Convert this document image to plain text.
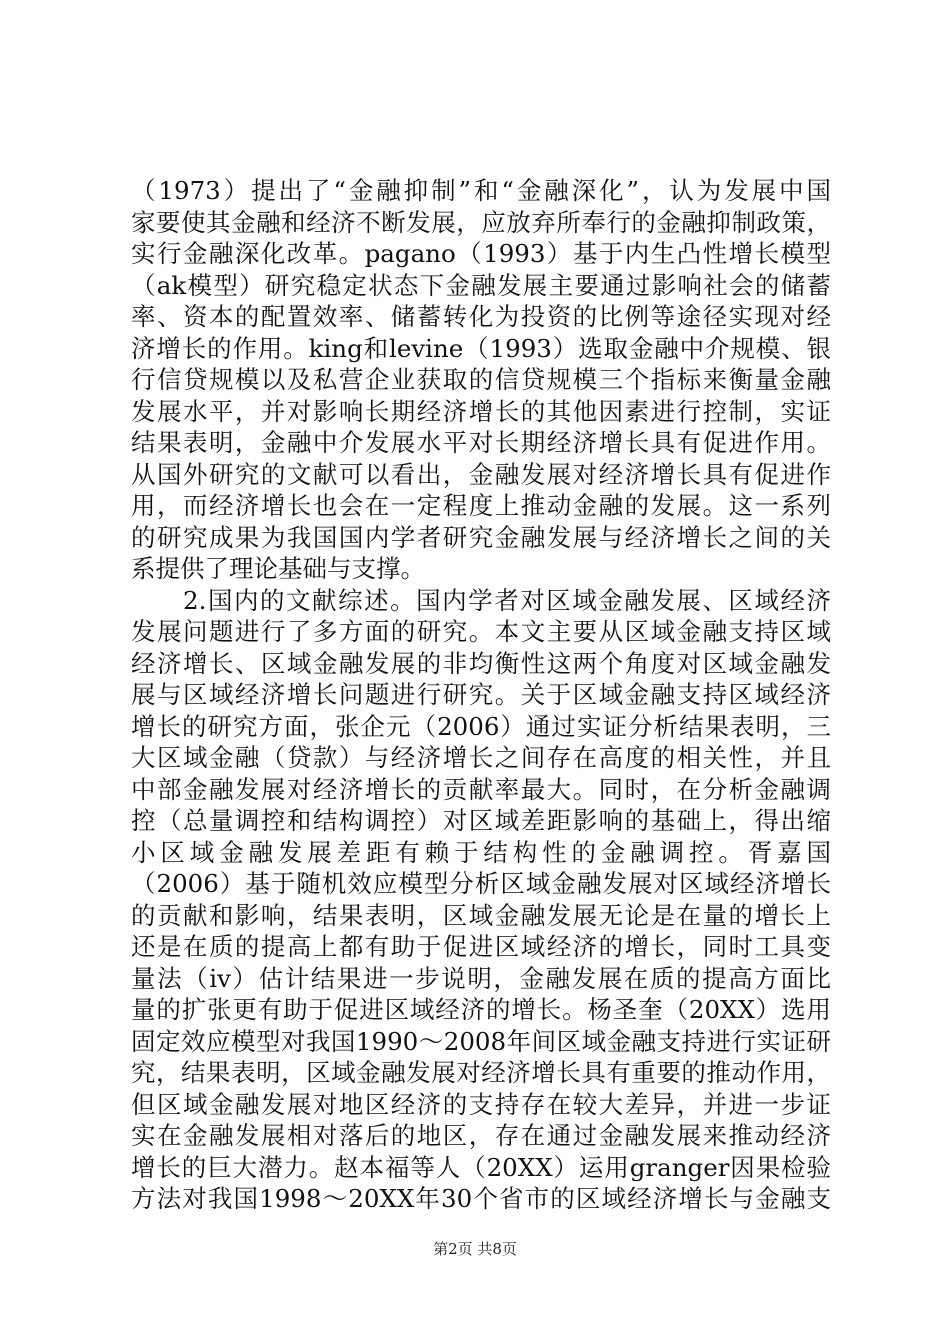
（1973）提出了“金融抑制”和“金融深化”，认为发展中国
家要使其金融和经济不断发展，应放弃所奉行的金融抑制政策，
实行金融深化改革。pagano（1993）基于内生凸性增长模型
（ak模型）研究稳定状态下金融发展主要通过影响社会的储蓄
率、资本的配置效率、储蓄转化为投资的比例等途径实现对经
济增长的作用。king和levine（1993）选取金融中介规模、银
行信贷规模以及私营企业获取的信贷规模三个指标来衡量金融
发展水平，并对影响长期经济增长的其他因素进行控制，实证
结果表明，金融中介发展水平对长期经济增长具有促进作用。
从国外研究的文献可以看出，金融发展对经济增长具有促进作
用，而经济增长也会在一定程度上推动金融的发展。这一系列
的研究成果为我国国内学者研究金融发展与经济增长之间的关
系提供了理论基础与支撑。
　　2.国内的文献综述。国内学者对区域金融发展、区域经济
发展问题进行了多方面的研究。本文主要从区域金融支持区域
经济增长、区域金融发展的非均衡性这两个角度对区域金融发
展与区域经济增长问题进行研究。关于区域金融支持区域经济
增长的研究方面，张企元（2006）通过实证分析结果表明，三
大区域金融（贷款）与经济增长之间存在高度的相关性，并且
中部金融发展对经济增长的贡献率最大。同时，在分析金融调
控（总量调控和结构调控）对区域差距影响的基础上，得出缩
小区域金融发展差距有赖于结构性的金融调控。胥嘉国
（2006）基于随机效应模型分析区域金融发展对区域经济增长
的贡献和影响，结果表明，区域金融发展无论是在量的增长上
还是在质的提高上都有助于促进区域经济的增长，同时工具变
量法（iv）估计结果进一步说明，金融发展在质的提高方面比
量的扩张更有助于促进区域经济的增长。杨圣奎（20XX）选用
固定效应模型对我国1990～2008年间区域金融支持进行实证研
究，结果表明，区域金融发展对经济增长具有重要的推动作用，
但区域金融发展对地区经济的支持存在较大差异，并进一步证
实在金融发展相对落后的地区，存在通过金融发展来推动经济
增长的巨大潜力。赵本福等人（20XX）运用granger因果检验
方法对我国1998～20XX年30个省市的区域经济增长与金融支
第2页 共8页
